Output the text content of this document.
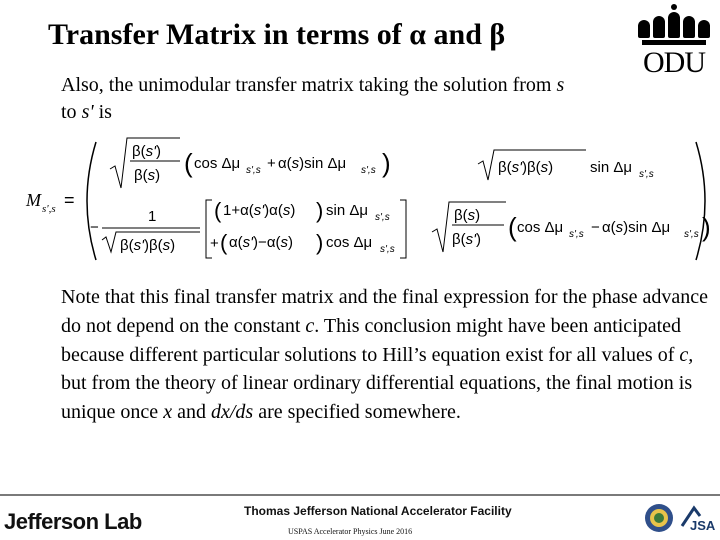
Transfer Matrix in terms of α and β
ODU

Also, the unimodular transfer matrix taking the solution from s

to s' is

M s',s =
β(s')
β(s) ( cos Δμ s',s + α(s)sin Δμ s',s )	β(s')β(s) sin Δμ s',s
−
1
β(s')β(s)
( 1+α(s')α(s) ) sin Δμ s',s
+ ( α(s')−α(s) ) cos Δμ s',s
β(s)
β(s') ( cos Δμ s',s − α(s)sin Δμ s',s )

Note that this final transfer matrix and the final expression for the phase advance do not depend on the constant c. This conclusion might have been anticipated because different particular solutions to Hill’s equation exist for all values of c, but from the theory of linear ordinary differential equations, the final motion is unique once x and dx/ds are specified somewhere.

Jefferson Lab	Thomas Jefferson National Accelerator Facility
USPAS Accelerator Physics June 2016	JSA
